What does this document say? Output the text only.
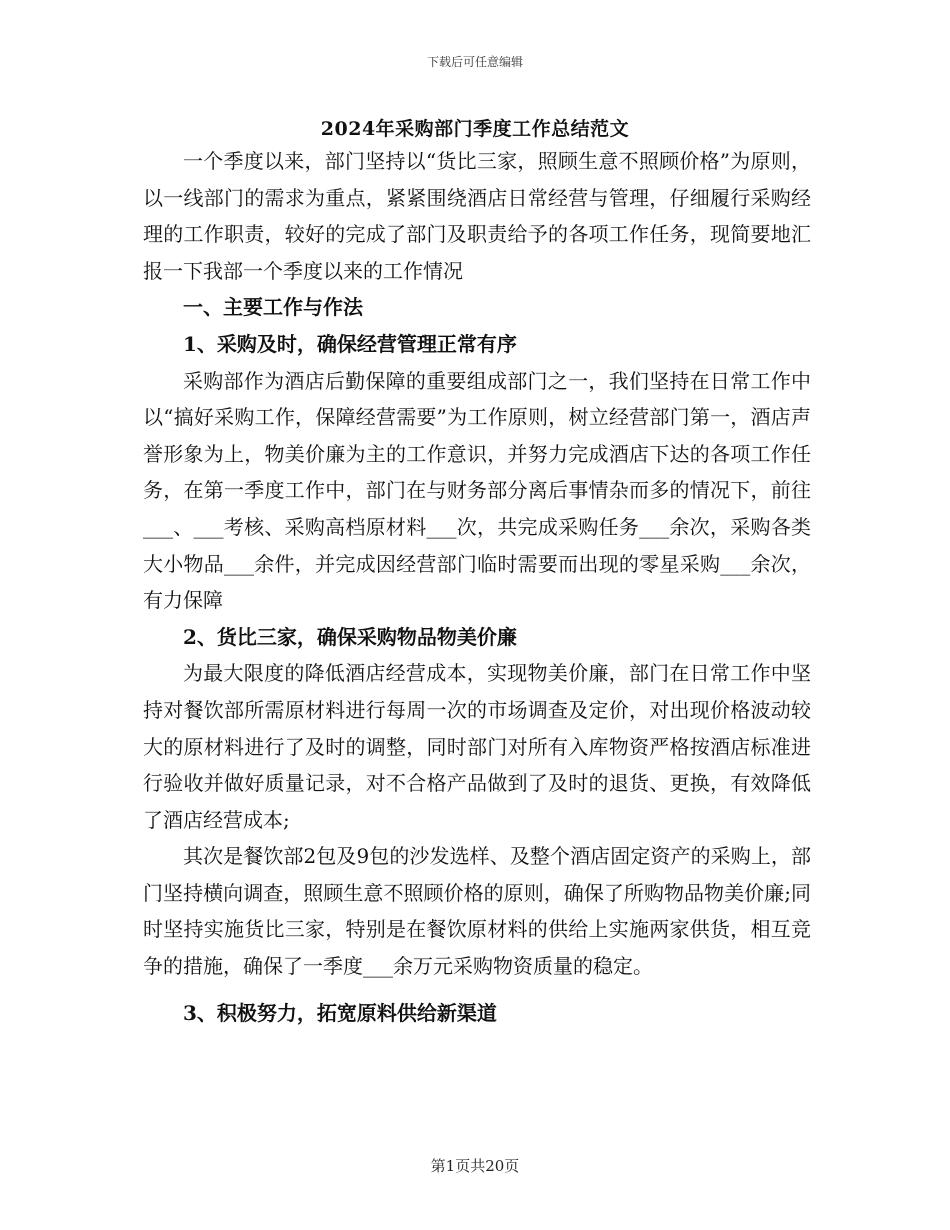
下载后可任意编辑
2024年采购部门季度工作总结范文

一个季度以来，部门坚持以“货比三家，照顾生意不照顾价格”为原则，以一线部门的需求为重点，紧紧围绕酒店日常经营与管理，仔细履行采购经理的工作职责，较好的完成了部门及职责给予的各项工作任务，现简要地汇报一下我部一个季度以来的工作情况

一、主要工作与作法

1、采购及时，确保经营管理正常有序

采购部作为酒店后勤保障的重要组成部门之一，我们坚持在日常工作中以“搞好采购工作，保障经营需要”为工作原则，树立经营部门第一，酒店声誉形象为上，物美价廉为主的工作意识，并努力完成酒店下达的各项工作任务，在第一季度工作中，部门在与财务部分离后事情杂而多的情况下，前往___、___考核、采购高档原材料___次，共完成采购任务___余次，采购各类大小物品___余件，并完成因经营部门临时需要而出现的零星采购___余次，有力保障

2、货比三家，确保采购物品物美价廉

为最大限度的降低酒店经营成本，实现物美价廉，部门在日常工作中坚持对餐饮部所需原材料进行每周一次的市场调查及定价，对出现价格波动较大的原材料进行了及时的调整，同时部门对所有入库物资严格按酒店标准进行验收并做好质量记录，对不合格产品做到了及时的退货、更换，有效降低了酒店经营成本;

其次是餐饮部2包及9包的沙发选样、及整个酒店固定资产的采购上，部门坚持横向调查，照顾生意不照顾价格的原则，确保了所购物品物美价廉;同时坚持实施货比三家，特别是在餐饮原材料的供给上实施两家供货，相互竞争的措施，确保了一季度___余万元采购物资质量的稳定。

3、积极努力，拓宽原料供给新渠道

第1页共20页
